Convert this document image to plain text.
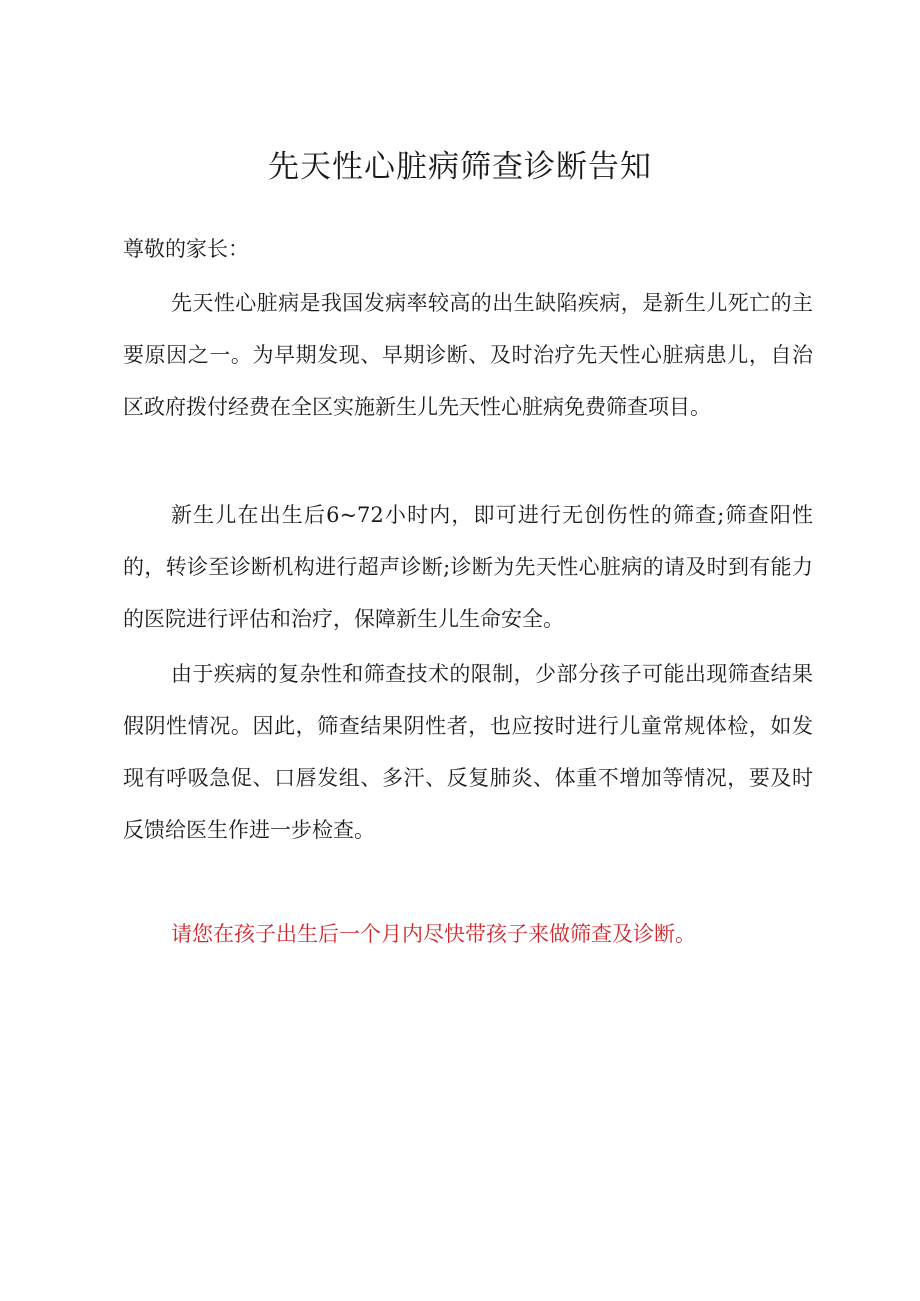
先天性心脏病筛查诊断告知
尊敬的家长：

先天性心脏病是我国发病率较高的出生缺陷疾病，是新生儿死亡的主要原因之一。为早期发现、早期诊断、及时治疗先天性心脏病患儿，自治区政府拨付经费在全区实施新生儿先天性心脏病免费筛查项目。

新生儿在出生后6~72小时内，即可进行无创伤性的筛查;筛查阳性的，转诊至诊断机构进行超声诊断;诊断为先天性心脏病的请及时到有能力的医院进行评估和治疗，保障新生儿生命安全。

由于疾病的复杂性和筛查技术的限制，少部分孩子可能出现筛查结果假阴性情况。因此，筛查结果阴性者，也应按时进行儿童常规体检，如发现有呼吸急促、口唇发组、多汗、反复肺炎、体重不增加等情况，要及时反馈给医生作进一步检查。

请您在孩子出生后一个月内尽快带孩子来做筛查及诊断。
